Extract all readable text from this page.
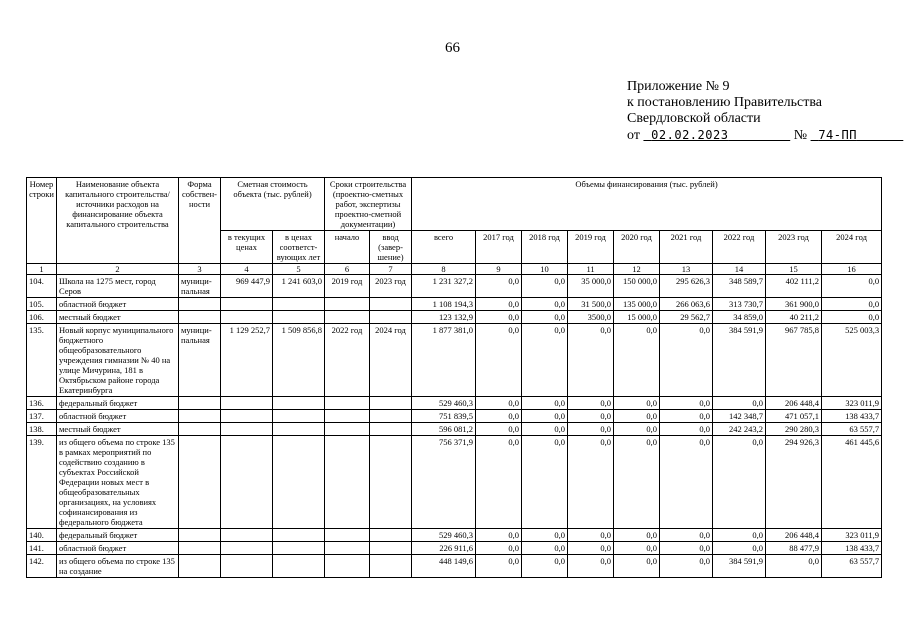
66
Приложение № 9
к постановлению Правительства
Свердловской области
от 02.02.2023	№ 74-ПП
Номер строки	Наименование объекта капитального строительства/источники расходов на финансирование объекта капитального строительства	Форма собствен-ности	Сметная стоимость объекта (тыс. рублей)		Сроки строительства (проектно-сметных работ, экспертизы проектно-сметной документации)		Объемы финансирования (тыс. рублей)								
			в текущих ценах	в ценах соответст-вующих лет	начало	ввод (завер-шение)	всего	2017 год	2018 год	2019 год	2020 год	2021 год	2022 год	2023 год	2024 год
1	2	3	4	5	6	7	8	9	10	11	12	13	14	15	16
104.	Школа на 1275 мест, город Серов	муници-пальная	969 447,9	1 241 603,0	2019 год	2023 год	1 231 327,2	0,0	0,0	35 000,0	150 000,0	295 626,3	348 589,7	402 111,2	0,0
105.	областной бюджет						1 108 194,3	0,0	0,0	31 500,0	135 000,0	266 063,6	313 730,7	361 900,0	0,0
106.	местный бюджет						123 132,9	0,0	0,0	3500,0	15 000,0	29 562,7	34 859,0	40 211,2	0,0
135.	Новый корпус муниципального бюджетного общеобразовательного учреждения гимназии № 40 на улице Мичурина, 181 в Октябрьском районе города Екатеринбурга	муници-пальная	1 129 252,7	1 509 856,8	2022 год	2024 год	1 877 381,0	0,0	0,0	0,0	0,0	0,0	384 591,9	967 785,8	525 003,3
136.	федеральный бюджет						529 460,3	0,0	0,0	0,0	0,0	0,0	0,0	206 448,4	323 011,9
137.	областной бюджет						751 839,5	0,0	0,0	0,0	0,0	0,0	142 348,7	471 057,1	138 433,7
138.	местный бюджет						596 081,2	0,0	0,0	0,0	0,0	0,0	242 243,2	290 280,3	63 557,7
139.	из общего объема по строке 135 в рамках мероприятий по содействию созданию в субъектах Российской Федерации новых мест в общеобразовательных организациях, на условиях софинансирования из федерального бюджета						756 371,9	0,0	0,0	0,0	0,0	0,0	0,0	294 926,3	461 445,6
140.	федеральный бюджет						529 460,3	0,0	0,0	0,0	0,0	0,0	0,0	206 448,4	323 011,9
141.	областной бюджет						226 911,6	0,0	0,0	0,0	0,0	0,0	0,0	88 477,9	138 433,7
142.	из общего объема по строке 135 на создание						448 149,6	0,0	0,0	0,0	0,0	0,0	384 591,9	0,0	63 557,7
